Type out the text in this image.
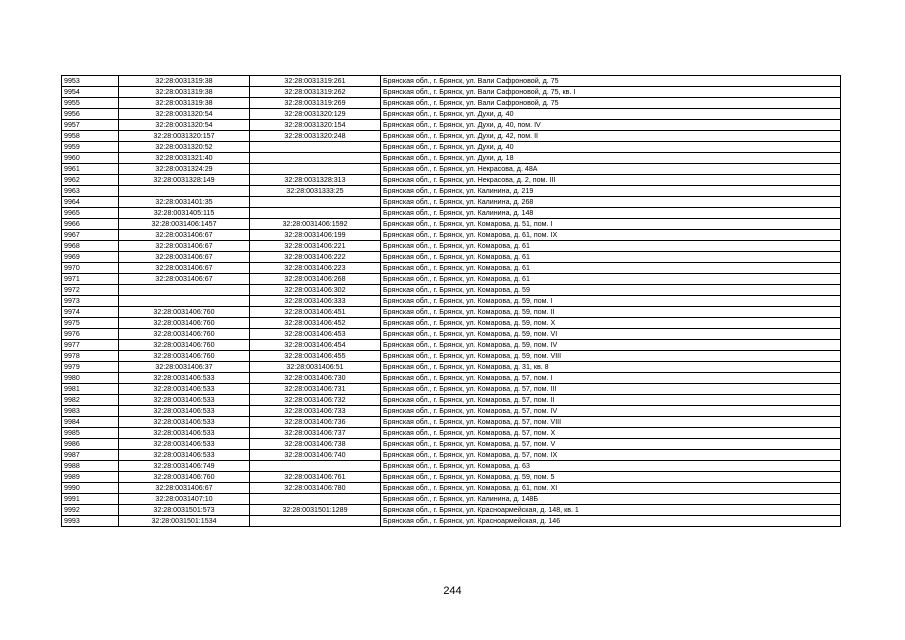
9953	32:28:0031319:38	32:28:0031319:261	Брянская обл., г. Брянск, ул. Вали Сафроновой, д. 75
9954	32:28:0031319:38	32:28:0031319:262	Брянская обл., г. Брянск, ул. Вали Сафроновой, д. 75, кв. I
9955	32:28:0031319:38	32:28:0031319:269	Брянская обл., г. Брянск, ул. Вали Сафроновой, д. 75
9956	32:28:0031320:54	32:28:0031320:129	Брянская обл., г. Брянск, ул. Духи, д. 40
9957	32:28:0031320:54	32:28:0031320:154	Брянская обл., г. Брянск, ул. Духи, д. 40, пом. IV
9958	32:28:0031320:157	32:28:0031320:248	Брянская обл., г. Брянск, ул. Духи, д. 42, пом. II
9959	32:28:0031320:52		Брянская обл., г. Брянск, ул. Духи, д. 40
9960	32:28:0031321:40		Брянская обл., г. Брянск, ул. Духи, д. 18
9961	32:28:0031324:29		Брянская обл., г. Брянск, ул. Некрасова, д. 48А
9962	32:28:0031328:149	32:28:0031328:313	Брянская обл., г. Брянск, ул. Некрасова, д. 2, пом. III
9963		32:28:0031333:25	Брянская обл., г. Брянск, ул. Калинина, д. 219
9964	32:28:0031401:35		Брянская обл., г. Брянск, ул. Калинина, д. 268
9965	32:28:0031405:115		Брянская обл., г. Брянск, ул. Калинина, д. 148
9966	32:28:0031406:1457	32:28:0031406:1592	Брянская обл., г. Брянск, ул. Комарова, д. 51, пом. I
9967	32:28:0031406:67	32:28:0031406:199	Брянская обл., г. Брянск, ул. Комарова, д. 61, пом. IX
9968	32:28:0031406:67	32:28:0031406:221	Брянская обл., г. Брянск, ул. Комарова, д. 61
9969	32:28:0031406:67	32:28:0031406:222	Брянская обл., г. Брянск, ул. Комарова, д. 61
9970	32:28:0031406:67	32:28:0031406:223	Брянская обл., г. Брянск, ул. Комарова, д. 61
9971	32:28:0031406:67	32:28:0031406:268	Брянская обл., г. Брянск, ул. Комарова, д. 61
9972		32:28:0031406:302	Брянская обл., г. Брянск, ул. Комарова, д. 59
9973		32:28:0031406:333	Брянская обл., г. Брянск, ул. Комарова, д. 59, пом. I
9974	32:28:0031406:760	32:28:0031406:451	Брянская обл., г. Брянск, ул. Комарова, д. 59, пом. II
9975	32:28:0031406:760	32:28:0031406:452	Брянская обл., г. Брянск, ул. Комарова, д. 59, пом. X
9976	32:28:0031406:760	32:28:0031406:453	Брянская обл., г. Брянск, ул. Комарова, д. 59, пом. VI
9977	32:28:0031406:760	32:28:0031406:454	Брянская обл., г. Брянск, ул. Комарова, д. 59, пом. IV
9978	32:28:0031406:760	32:28:0031406:455	Брянская обл., г. Брянск, ул. Комарова, д. 59, пом. VIII
9979	32:28:0031406:37	32:28:0031406:51	Брянская обл., г. Брянск, ул. Комарова, д. 31, кв. 8
9980	32:28:0031406:533	32:28:0031406:730	Брянская обл., г. Брянск, ул. Комарова, д. 57, пом. I
9981	32:28:0031406:533	32:28:0031406:731	Брянская обл., г. Брянск, ул. Комарова, д. 57, пом. III
9982	32:28:0031406:533	32:28:0031406:732	Брянская обл., г. Брянск, ул. Комарова, д. 57, пом. II
9983	32:28:0031406:533	32:28:0031406:733	Брянская обл., г. Брянск, ул. Комарова, д. 57, пом. IV
9984	32:28:0031406:533	32:28:0031406:736	Брянская обл., г. Брянск, ул. Комарова, д. 57, пом. VIII
9985	32:28:0031406:533	32:28:0031406:737	Брянская обл., г. Брянск, ул. Комарова, д. 57, пом. X
9986	32:28:0031406:533	32:28:0031406:738	Брянская обл., г. Брянск, ул. Комарова, д. 57, пом. V
9987	32:28:0031406:533	32:28:0031406:740	Брянская обл., г. Брянск, ул. Комарова, д. 57, пом. IX
9988	32:28:0031406:749		Брянская обл., г. Брянск, ул. Комарова, д. 63
9989	32:28:0031406:760	32:28:0031406:761	Брянская обл., г. Брянск, ул. Комарова, д. 59, пом. 5
9990	32:28:0031406:67	32:28:0031406:780	Брянская обл., г. Брянск, ул. Комарова, д. 61, пом. XI
9991	32:28:0031407:10		Брянская обл., г. Брянск, ул. Калинина, д. 148Б
9992	32:28:0031501:573	32:28:0031501:1289	Брянская обл., г. Брянск, ул. Красноармейская, д. 148, кв. 1
9993	32:28:0031501:1534		Брянская обл., г. Брянск, ул. Красноармейская, д. 146
244
